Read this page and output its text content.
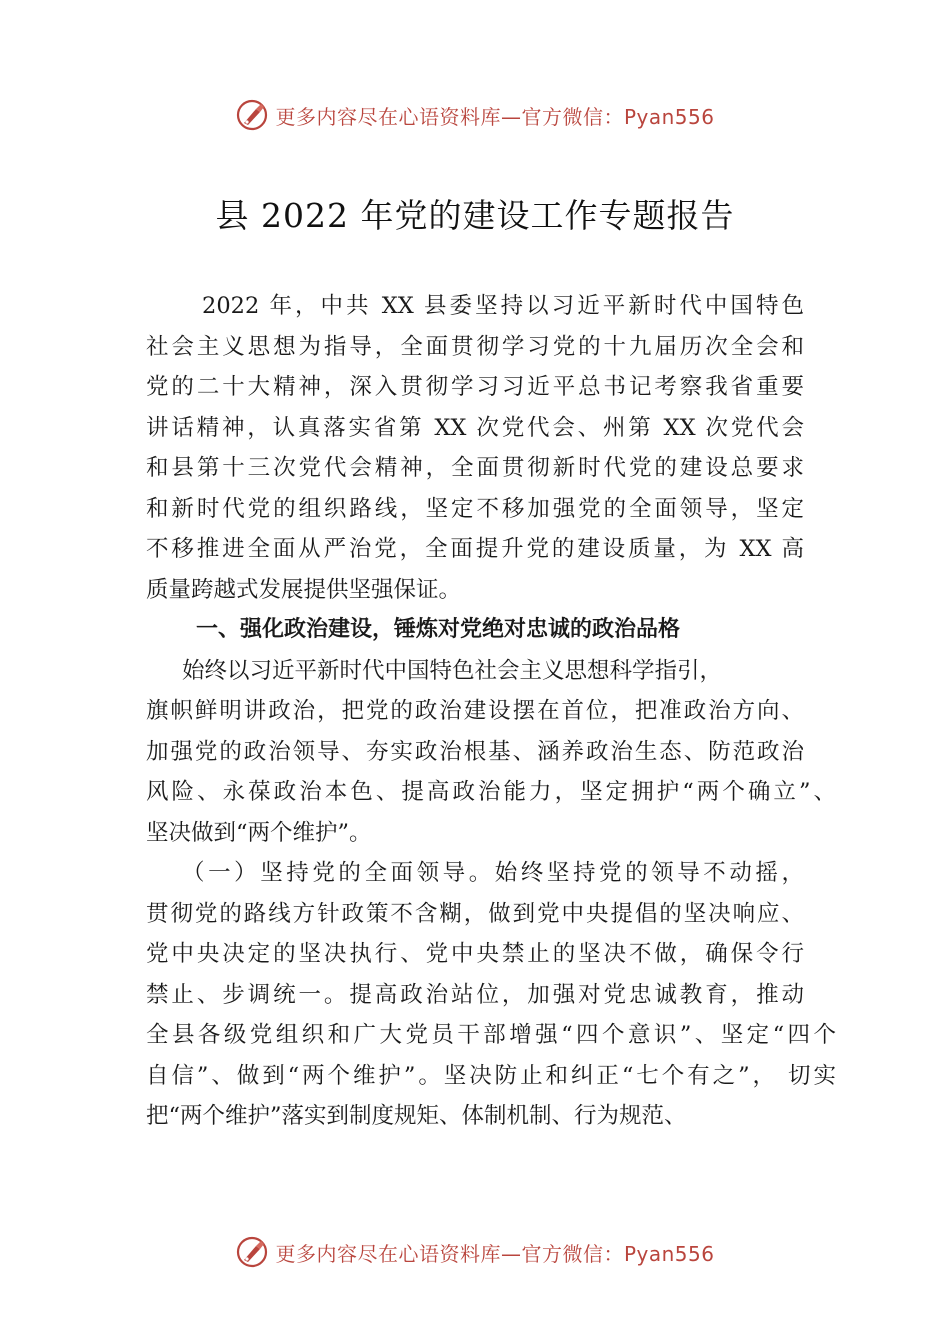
更多内容尽在心语资料库—官方微信：Pyan556
县 2022 年党的建设工作专题报告
2022 年，中共 XX 县委坚持以习近平新时代中国特色
社会主义思想为指导，全面贯彻学习党的十九届历次全会和
党的二十大精神，深入贯彻学习习近平总书记考察我省重要
讲话精神，认真落实省第 XX 次党代会、州第 XX 次党代会
和县第十三次党代会精神，全面贯彻新时代党的建设总要求
和新时代党的组织路线，坚定不移加强党的全面领导，坚定
不移推进全面从严治党，全面提升党的建设质量，为 XX 高
质量跨越式发展提供坚强保证。
一、强化政治建设，锤炼对党绝对忠诚的政治品格
始终以习近平新时代中国特色社会主义思想科学指引，
旗帜鲜明讲政治，把党的政治建设摆在首位，把准政治方向、
加强党的政治领导、夯实政治根基、涵养政治生态、防范政治
风险、永葆政治本色、提高政治能力，坚定拥护“两个确立”、
坚决做到“两个维护”。
（一）坚持党的全面领导。始终坚持党的领导不动摇，
贯彻党的路线方针政策不含糊，做到党中央提倡的坚决响应、
党中央决定的坚决执行、党中央禁止的坚决不做，确保令行
禁止、步调统一。提高政治站位，加强对党忠诚教育，推动
全县各级党组织和广大党员干部增强“四个意识”、坚定“四个
自信”、做到“两个维护”。坚决防止和纠正“七个有之”， 切实
把“两个维护”落实到制度规矩、体制机制、行为规范、
更多内容尽在心语资料库—官方微信：Pyan556
